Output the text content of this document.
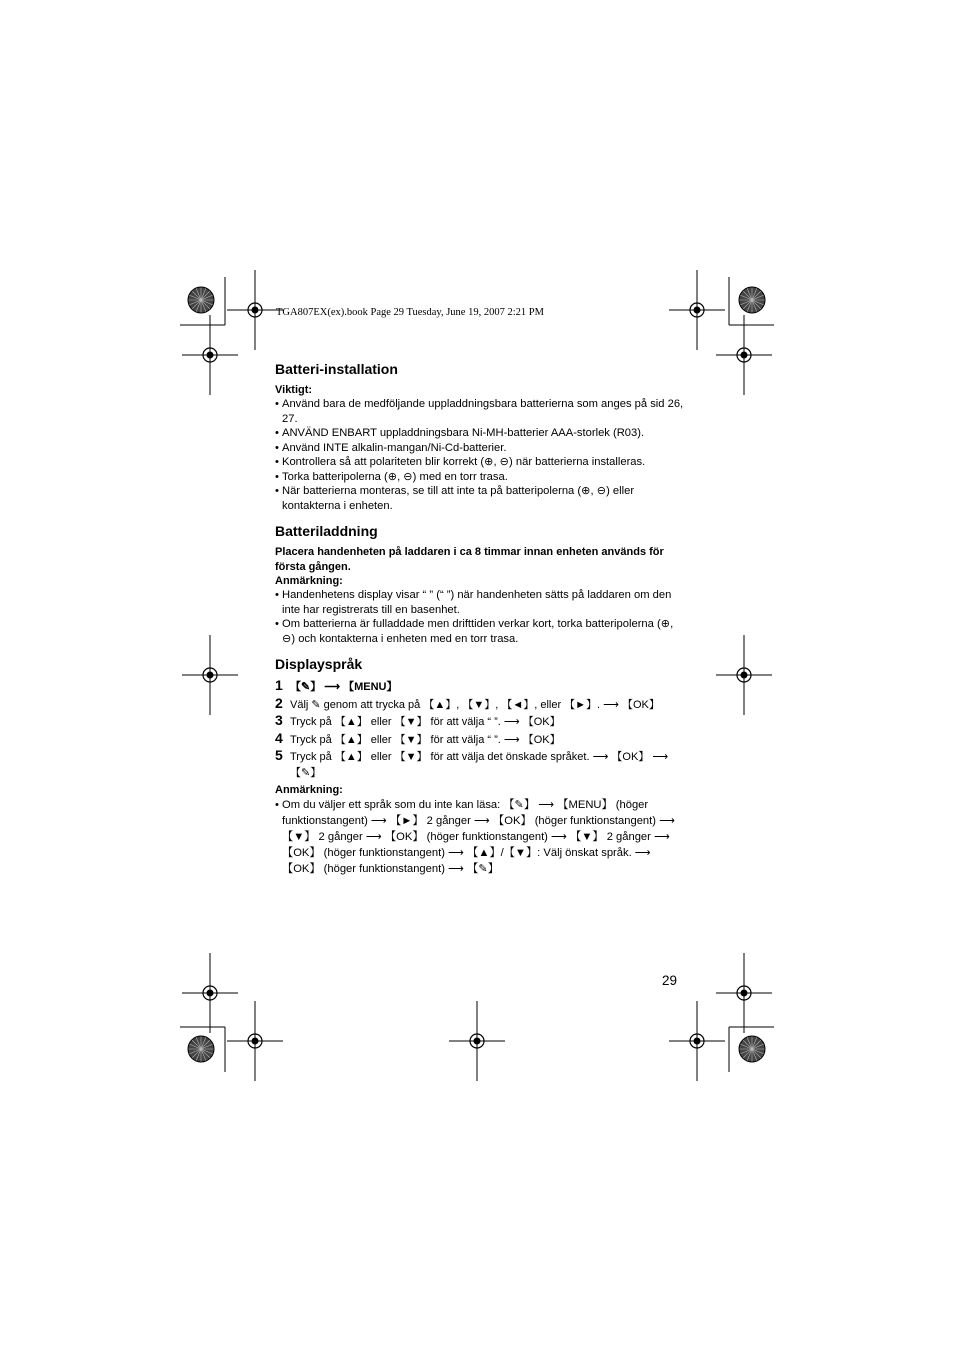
TGA807EX(ex).book Page 29 Tuesday, June 19, 2007 2:21 PM
Batteri-installation

Viktigt:

• Använd bara de medföljande uppladdningsbara batterierna som anges på sid 26, 27.
• ANVÄND ENBART uppladdningsbara Ni-MH-batterier AAA-storlek (R03).
• Använd INTE alkalin-mangan/Ni-Cd-batterier.
• Kontrollera så att polariteten blir korrekt (⊕, ⊖) när batterierna installeras.
• Torka batteripolerna (⊕, ⊖) med en torr trasa.
• När batterierna monteras, se till att inte ta på batteripolerna (⊕, ⊖) eller kontakterna i enheten.
Batteriladdning

Placera handenheten på laddaren i ca 8 timmar innan enheten används för första gången.

Anmärkning:

• Handenhetens display visar “ ” (“ ”) när handenheten sätts på laddaren om den inte har registrerats till en basenhet.
• Om batterierna är fulladdade men drifttiden verkar kort, torka batteripolerna (⊕, ⊖) och kontakterna i enheten med en torr trasa.
Displayspråk
1 【✎】 ⟶ 【MENU】
2 Välj ✎ genom att trycka på 【▲】, 【▼】, 【◄】, eller 【►】. ⟶ 【OK】
3 Tryck på 【▲】 eller 【▼】 för att välja “ ”. ⟶ 【OK】
4 Tryck på 【▲】 eller 【▼】 för att välja “ ”. ⟶ 【OK】
5 Tryck på 【▲】 eller 【▼】 för att välja det önskade språket. ⟶ 【OK】 ⟶ 【✎】

Anmärkning:

• Om du väljer ett språk som du inte kan läsa: 【✎】 ⟶ 【MENU】 (höger funktionstangent) ⟶ 【►】 2 gånger ⟶ 【OK】 (höger funktionstangent) ⟶ 【▼】 2 gånger ⟶ 【OK】 (höger funktionstangent) ⟶ 【▼】 2 gånger ⟶ 【OK】 (höger funktionstangent) ⟶ 【▲】/【▼】: Välj önskat språk. ⟶ 【OK】 (höger funktionstangent) ⟶ 【✎】
29
